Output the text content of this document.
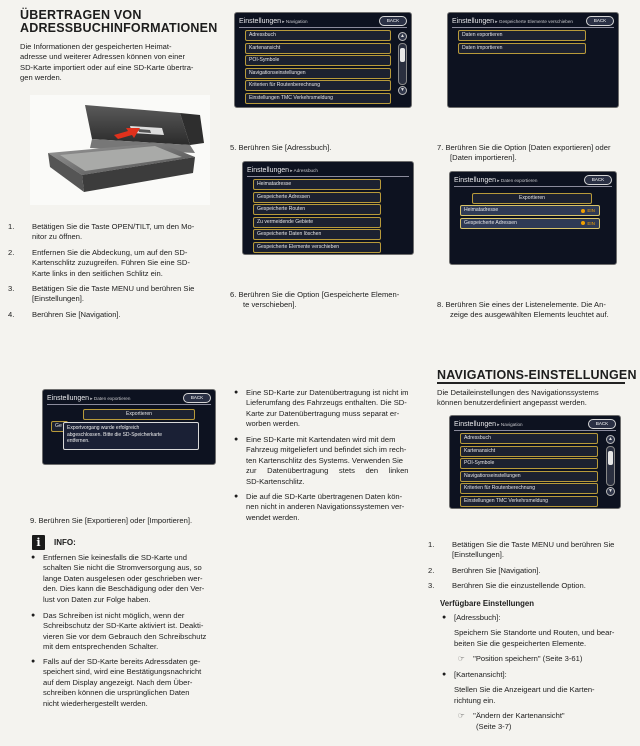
ÜBERTRAGEN VON
ADRESSBUCHINFORMATIONEN
Die Informationen der gespeicherten Heimat-
adresse und weiterer Adressen können von einer
SD-Karte importiert oder auf eine SD-Karte übertra-
gen werden.
1. Betätigen Sie die Taste OPEN/TILT, um den Mo-
nitor zu öffnen.
2. Entfernen Sie die Abdeckung, um auf den SD-
Kartenschlitz zuzugreifen. Führen Sie eine SD-
Karte links in den seitlichen Schlitz ein.
3. Betätigen Sie die Taste MENU und berühren Sie
[Einstellungen].
4. Berühren Sie [Navigation].
Einstellungen ▸ Daten exportieren	BACK
Exportieren
Ge	Exportvorgang wurde erfolgreich
abgeschlossen. Bitte die SD-Speicherkarte
entfernen.
9. Berühren Sie [Exportieren] oder [Importieren].
i	INFO:
● Entfernen Sie keinesfalls die SD-Karte und
schalten Sie nicht die Stromversorgung aus, so
lange Daten ausgelesen oder geschrieben wer-
den. Dies kann die Beschädigung oder den Ver-
lust von Daten zur Folge haben.
● Das Schreiben ist nicht möglich, wenn der
Schreibschutz der SD-Karte aktiviert ist. Deakti-
vieren Sie vor dem Gebrauch den Schreibschutz
mit dem entsprechenden Schalter.
● Falls auf der SD-Karte bereits Adressdaten ge-
speichert sind, wird eine Bestätigungsnachricht
auf dem Display angezeigt. Nach dem Über-
schreiben können die ursprünglichen Daten
nicht wiederhergestellt werden.
Einstellungen ▸ Navigation	BACK
Adressbuch
Kartenansicht
POI-Symbole
Navigationseinstellungen
Kriterien für Routenberechnung
Einstellungen TMC Verkehrsmeldung
▲
▼
5. Berühren Sie [Adressbuch].
Einstellungen ▸ Adressbuch
Heimatadresse
Gespeicherte Adressen
Gespeicherte Routen
Zu vermeidende Gebiete
Gespeicherte Daten löschen
Gespeicherte Elemente verschieben
6. Berühren Sie die Option [Gespeicherte Elemen-
te verschieben].
● Eine SD-Karte zur Datenübertragung ist nicht im
Lieferumfang des Fahrzeugs enthalten. Die SD-
Karte zur Datenübertragung muss separat er-
worben werden.
● Eine SD-Karte mit Kartendaten wird mit dem
Fahrzeug mitgeliefert und befindet sich im rech-
ten Kartenschlitz des Systems. Verwenden Sie
zur     Datenübertragung     stets     den     linken
SD-Kartenschlitz.
● Die auf die SD-Karte übertragenen Daten kön-
nen nicht in anderen Navigationssystemen ver-
wendet werden.
Einstellungen ▸ Gespeicherte Elemente verschieben	BACK
Daten exportieren
Daten importieren
7. Berühren Sie die Option [Daten exportieren] oder
[Daten importieren].
Einstellungen ▸ Daten exportieren	BACK
Exportieren
Heimatadresse	EIN
Gespeicherte Adressen	EIN
8. Berühren Sie eines der Listenelemente. Die An-
zeige des ausgewählten Elements leuchtet auf.
NAVIGATIONS-EINSTELLUNGEN
Die Detaileinstellungen des Navigationssystems
können benutzerdefiniert angepasst werden.
Einstellungen ▸ Navigation	BACK
Adressbuch
Kartenansicht
POI-Symbole
Navigationseinstellungen
Kriterien für Routenberechnung
Einstellungen TMC Verkehrsmeldung
▲
▼
1. Betätigen Sie die Taste MENU und berühren Sie
[Einstellungen].
2. Berühren Sie [Navigation].
3. Berühren Sie die einzustellende Option.
Verfügbare Einstellungen
● [Adressbuch]:
Speichern Sie Standorte und Routen, und bear-
beiten Sie die gespeicherten Elemente.
☞ "Position speichern" (Seite 3-61)
● [Kartenansicht]:
Stellen Sie die Anzeigeart und die Karten-
richtung ein.
☞ "Ändern der Kartenansicht"
(Seite 3-7)
